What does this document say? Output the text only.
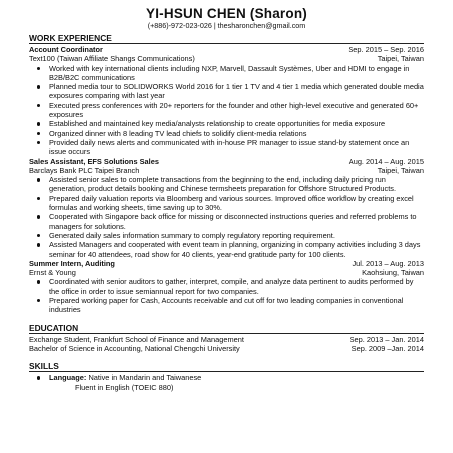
YI-HSUN CHEN (Sharon)
(+886)-972-023-026 | thesharonchen@gmail.com
WORK EXPERIENCE
Account Coordinator	Sep. 2015 – Sep. 2016
Text100 (Taiwan Affiliate Shangs Communications)	Taipei, Taiwan
Worked with key international clients including NXP, Marvell, Dassault Systèmes, Uber and HDMI to engage in B2B/B2C communications
Planned media tour to SOLIDWORKS World 2016 for 1 tier 1 TV and 4 tier 1 media which generated double media exposures comparing with last year
Executed press conferences with 20+ reporters for the founder and other high-level executive and generated 60+ exposures
Established and maintained key media/analysts relationship to create opportunities for media exposure
Organized dinner with 8 leading TV lead chiefs to solidify client-media relations
Provided daily news alerts and communicated with in-house PR manager to issue stand-by statement once an issue occurs
Sales Assistant, EFS Solutions Sales	Aug. 2014 – Aug. 2015
Barclays Bank PLC Taipei Branch	Taipei, Taiwan
Assisted senior sales to complete transactions from the beginning to the end, including daily pricing run generation, product details booking and Chinese termsheets preparation for Offshore Structured Products.
Prepared daily valuation reports via Bloomberg and various sources. Improved office workflow by creating excel formulas and working sheets, time saving up to 30%.
Cooperated with Singapore back office for missing or disconnected instructions queries and referred problems to managers for solutions.
Generated daily sales information summary to comply regulatory reporting requirement.
Assisted Managers and cooperated with event team in planning, organizing in company activities including 3 days seminar for 40 attendees, road show for 40 clients, year-end gratitude party for 100 clients.
Summer Intern, Auditing	Jul. 2013 – Aug. 2013
Ernst & Young	Kaohsiung, Taiwan
Coordinated with senior auditors to gather, interpret, compile, and analyze data pertinent to audits performed by the office in order to issue semiannual report for two companies.
Prepared working paper for Cash, Accounts receivable and cut off for two leading companies in conventional industries
EDUCATION
Exchange Student, Frankfurt School of Finance and Management	Sep. 2013 – Jan. 2014
Bachelor of Science in Accounting, National Chengchi University	Sep. 2009 –Jan. 2014
SKILLS
Language: Native in Mandarin and Taiwanese
Fluent in English (TOEIC 880)
